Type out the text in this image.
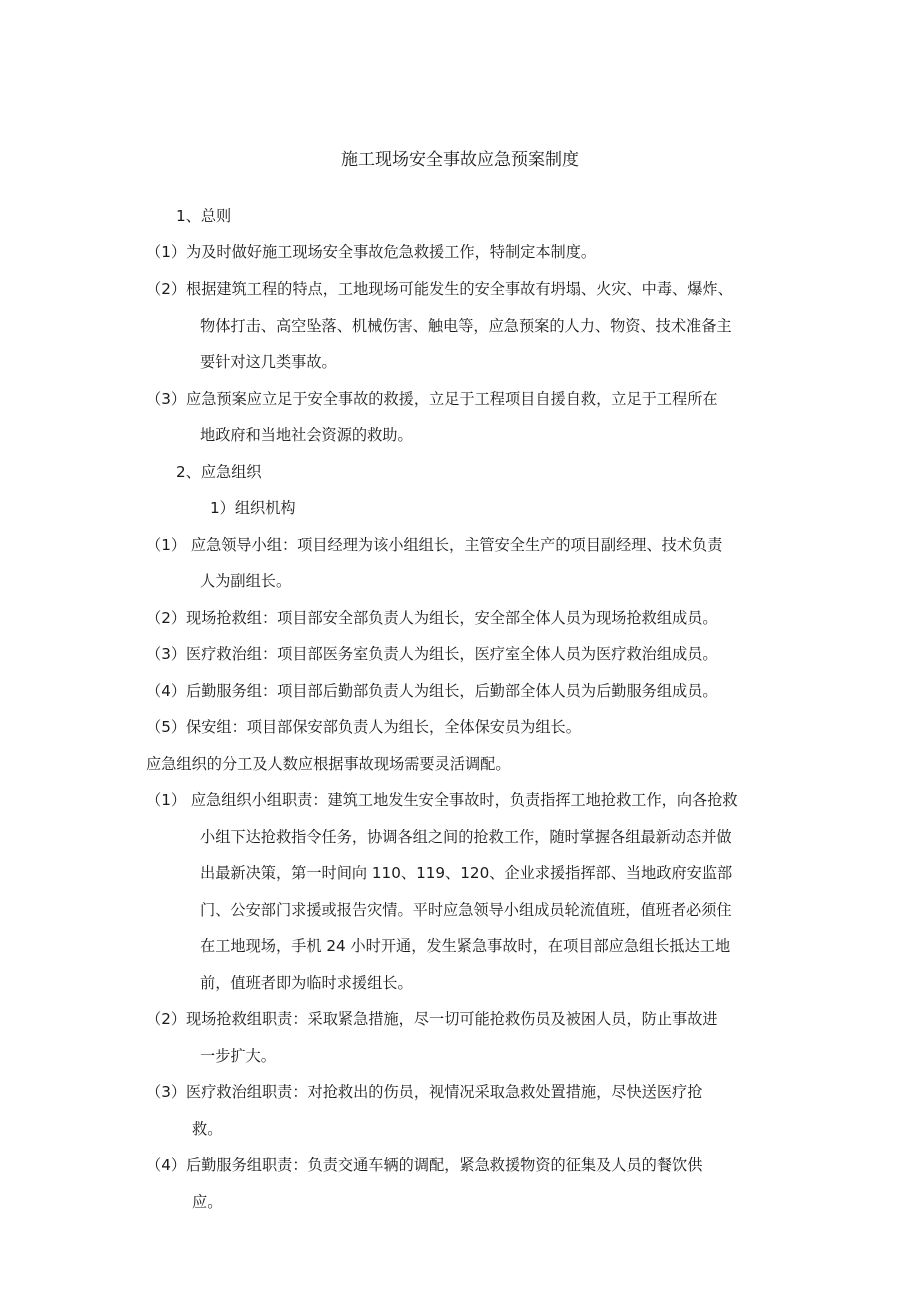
施工现场安全事故应急预案制度
1、总则
（1）为及时做好施工现场安全事故危急救援工作，特制定本制度。
（2）根据建筑工程的特点，工地现场可能发生的安全事故有坍塌、火灾、中毒、爆炸、
物体打击、高空坠落、机械伤害、触电等，应急预案的人力、物资、技术准备主
要针对这几类事故。
（3）应急预案应立足于安全事故的救援，立足于工程项目自援自救，立足于工程所在
地政府和当地社会资源的救助。
2、应急组织
1）组织机构
（1） 应急领导小组：项目经理为该小组组长，主管安全生产的项目副经理、技术负责
人为副组长。
（2）现场抢救组：项目部安全部负责人为组长，安全部全体人员为现场抢救组成员。
（3）医疗救治组：项目部医务室负责人为组长，医疗室全体人员为医疗救治组成员。
（4）后勤服务组：项目部后勤部负责人为组长，后勤部全体人员为后勤服务组成员。
（5）保安组：项目部保安部负责人为组长，全体保安员为组长。
应急组织的分工及人数应根据事故现场需要灵活调配。
（1） 应急组织小组职责：建筑工地发生安全事故时，负责指挥工地抢救工作，向各抢救
小组下达抢救指令任务，协调各组之间的抢救工作，随时掌握各组最新动态并做
出最新决策，第一时间向 110、119、120、企业求援指挥部、当地政府安监部
门、公安部门求援或报告灾情。平时应急领导小组成员轮流值班，值班者必须住
在工地现场，手机 24 小时开通，发生紧急事故时，在项目部应急组长抵达工地
前，值班者即为临时求援组长。
（2）现场抢救组职责：采取紧急措施，尽一切可能抢救伤员及被困人员，防止事故进
一步扩大。
（3）医疗救治组职责：对抢救出的伤员，视情况采取急救处置措施，尽快送医疗抢
救。
（4）后勤服务组职责：负责交通车辆的调配，紧急救援物资的征集及人员的餐饮供
应。
